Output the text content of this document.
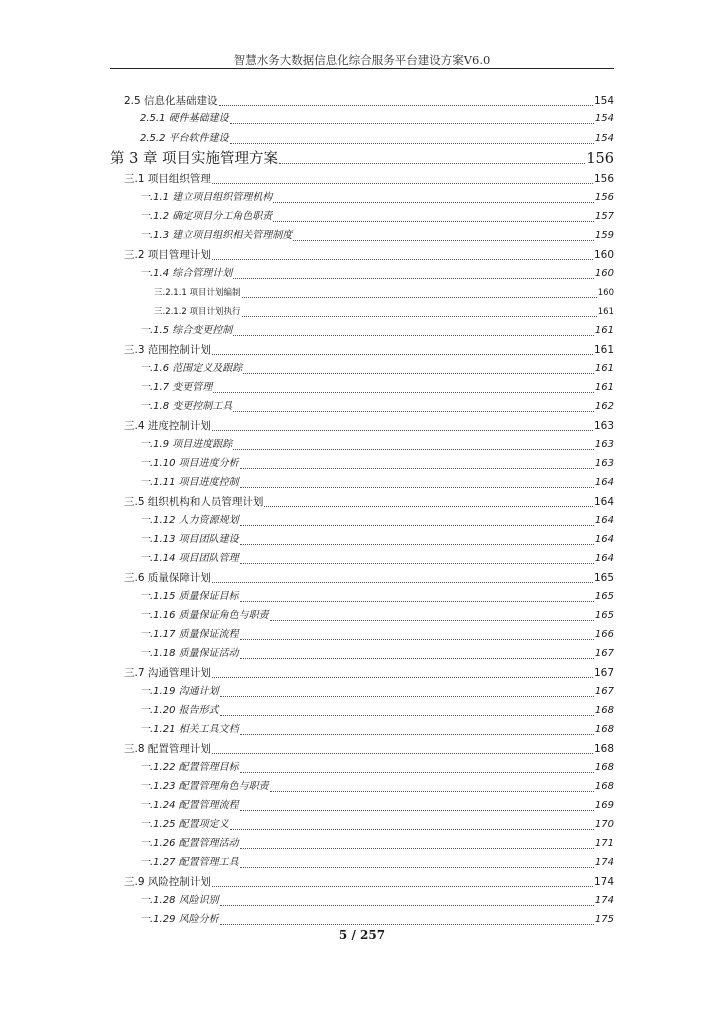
智慧水务大数据信息化综合服务平台建设方案V6.0
2.5 信息化基础建设	154
2.5.1 硬件基础建设	154
2.5.2 平台软件建设	154
第 3 章 项目实施管理方案	156
三.1 项目组织管理	156
一.1.1 建立项目组织管理机构	156
一.1.2 确定项目分工角色职责	157
一.1.3 建立项目组织相关管理制度	159
三.2 项目管理计划	160
一.1.4 综合管理计划	160
三.2.1.1 项目计划编制	160
三.2.1.2 项目计划执行	161
一.1.5 综合变更控制	161
三.3 范围控制计划	161
一.1.6 范围定义及跟踪	161
一.1.7 变更管理	161
一.1.8 变更控制工具	162
三.4 进度控制计划	163
一.1.9 项目进度跟踪	163
一.1.10 项目进度分析	163
一.1.11 项目进度控制	164
三.5 组织机构和人员管理计划	164
一.1.12 人力资源规划	164
一.1.13 项目团队建设	164
一.1.14 项目团队管理	164
三.6 质量保障计划	165
一.1.15 质量保证目标	165
一.1.16 质量保证角色与职责	165
一.1.17 质量保证流程	166
一.1.18 质量保证活动	167
三.7 沟通管理计划	167
一.1.19 沟通计划	167
一.1.20 报告形式	168
一.1.21 相关工具文档	168
三.8 配置管理计划	168
一.1.22 配置管理目标	168
一.1.23 配置管理角色与职责	168
一.1.24 配置管理流程	169
一.1.25 配置项定义	170
一.1.26 配置管理活动	171
一.1.27 配置管理工具	174
三.9 风险控制计划	174
一.1.28 风险识别	174
一.1.29 风险分析	175
5 / 257
